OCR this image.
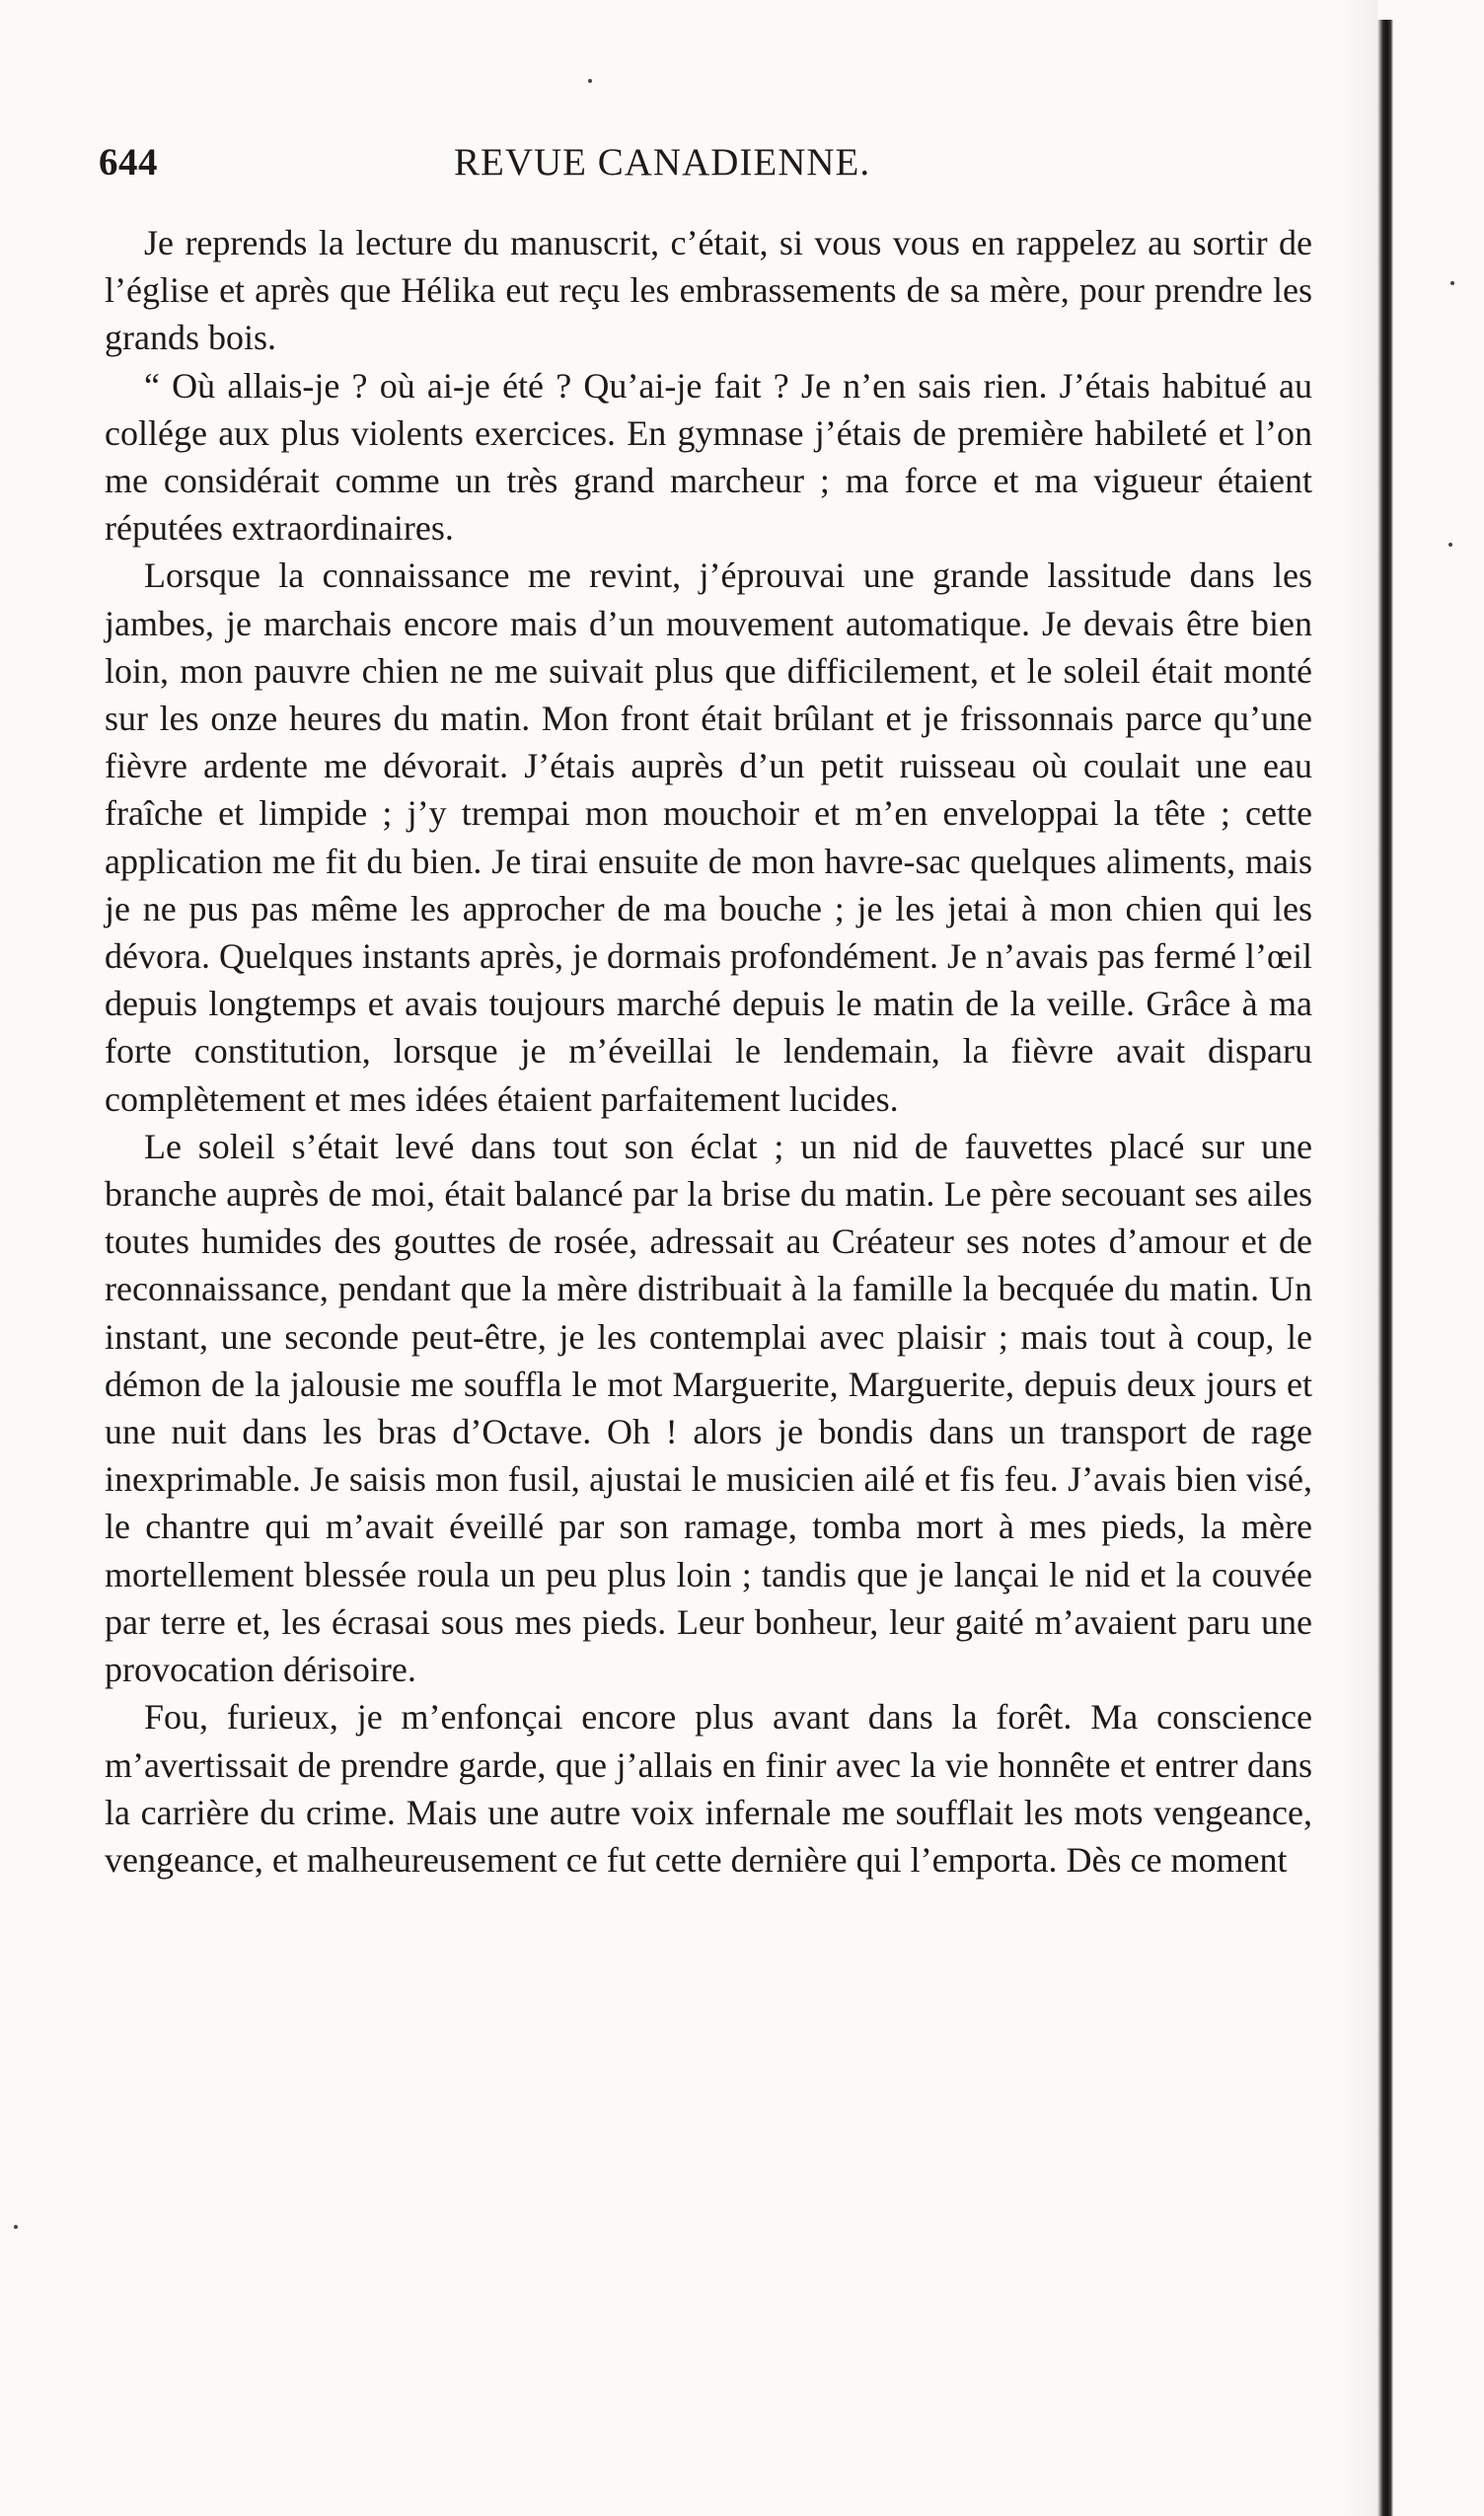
644	REVUE CANADIENNE.

Je reprends la lecture du manuscrit, c’était, si vous vous en rappelez au sortir de l’église et après que Hélika eut reçu les embrassements de sa mère, pour prendre les grands bois.

“ Où allais-je ? où ai-je été ? Qu’ai-je fait ? Je n’en sais rien. J’étais habitué au collége aux plus violents exercices. En gymnase j’étais de première habileté et l’on me considérait comme un très grand marcheur ; ma force et ma vigueur étaient réputées extraordinaires.

Lorsque la connaissance me revint, j’éprouvai une grande lassitude dans les jambes, je marchais encore mais d’un mouvement automatique. Je devais être bien loin, mon pauvre chien ne me suivait plus que difficilement, et le soleil était monté sur les onze heures du matin. Mon front était brûlant et je frissonnais parce qu’une fièvre ardente me dévorait. J’étais auprès d’un petit ruisseau où coulait une eau fraîche et limpide ; j’y trempai mon mouchoir et m’en enveloppai la tête ; cette application me fit du bien. Je tirai ensuite de mon havre-sac quelques aliments, mais je ne pus pas même les approcher de ma bouche ; je les jetai à mon chien qui les dévora. Quelques instants après, je dormais profondément. Je n’avais pas fermé l’œil depuis longtemps et avais toujours marché depuis le matin de la veille. Grâce à ma forte constitution, lorsque je m’éveillai le lendemain, la fièvre avait disparu complètement et mes idées étaient parfaitement lucides.

Le soleil s’était levé dans tout son éclat ; un nid de fauvettes placé sur une branche auprès de moi, était balancé par la brise du matin. Le père secouant ses ailes toutes humides des gouttes de rosée, adressait au Créateur ses notes d’amour et de reconnaissance, pendant que la mère distribuait à la famille la becquée du matin. Un instant, une seconde peut-être, je les contemplai avec plaisir ; mais tout à coup, le démon de la jalousie me souffla le mot Marguerite, Marguerite, depuis deux jours et une nuit dans les bras d’Octave. Oh ! alors je bondis dans un transport de rage inexprimable. Je saisis mon fusil, ajustai le musicien ailé et fis feu. J’avais bien visé, le chantre qui m’avait éveillé par son ramage, tomba mort à mes pieds, la mère mortellement blessée roula un peu plus loin ; tandis que je lançai le nid et la couvée par terre et, les écrasai sous mes pieds. Leur bonheur, leur gaité m’avaient paru une provocation dérisoire.

Fou, furieux, je m’enfonçai encore plus avant dans la forêt. Ma conscience m’avertissait de prendre garde, que j’allais en finir avec la vie honnête et entrer dans la carrière du crime. Mais une autre voix infernale me soufflait les mots vengeance, vengeance, et malheureusement ce fut cette dernière qui l’emporta. Dès ce moment
